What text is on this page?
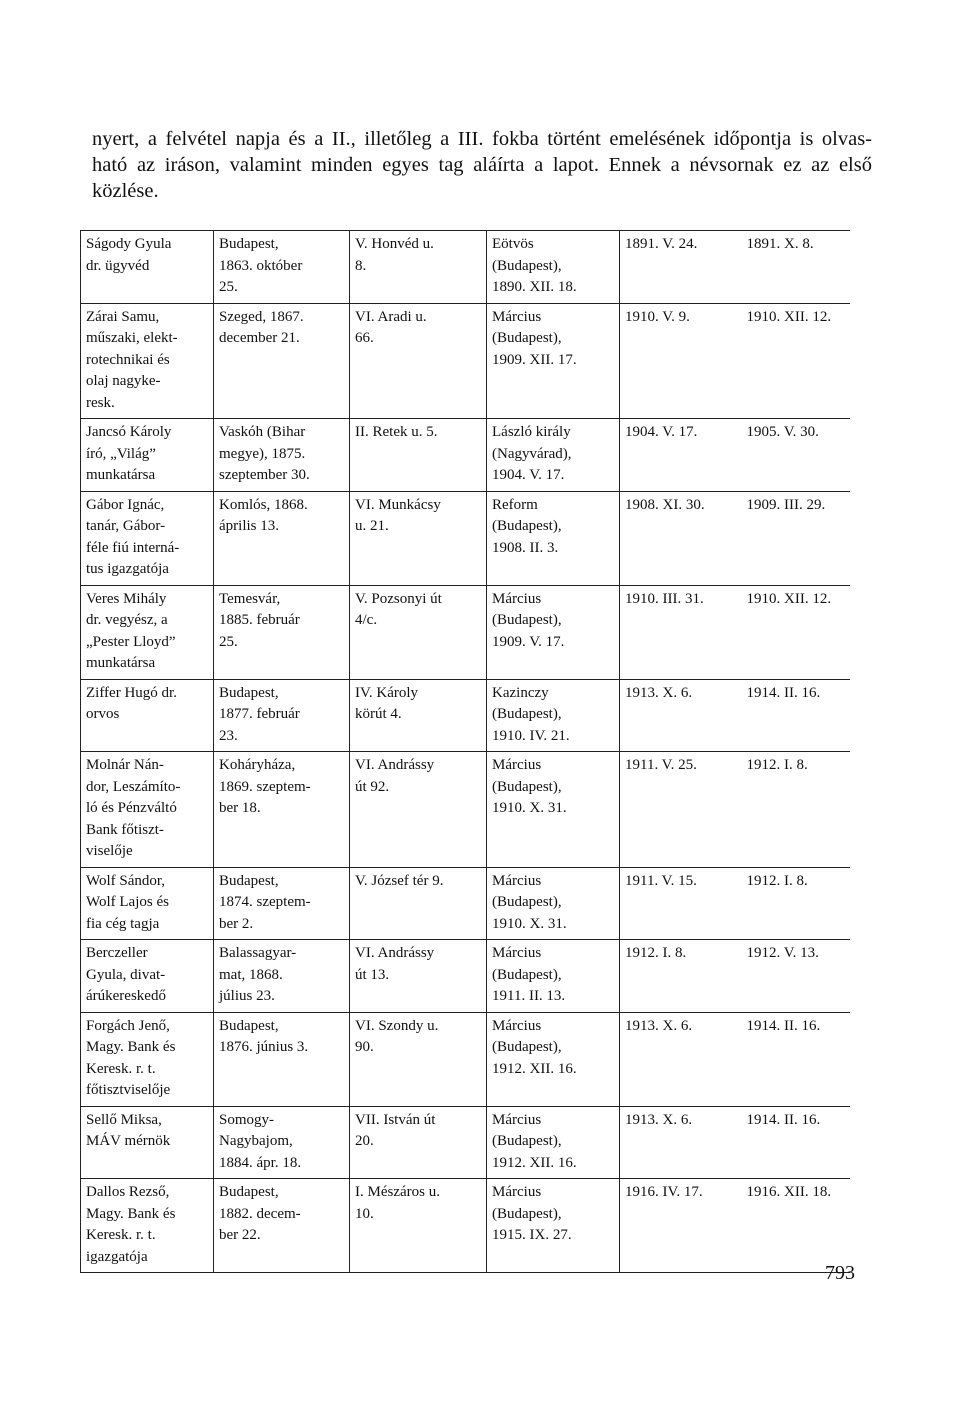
nyert, a felvétel napja és a II., illetőleg a III. fokba történt emelésének időpontja is olvas-
ható az iráson, valamint minden egyes tag aláírta a lapot. Ennek a névsornak ez az első
közlése.

Ságody Gyula
dr. ügyvéd	Budapest,
1863. október
25.	V. Honvéd u.
8.	Eötvös
(Budapest),
1890. XII. 18.	1891. V. 24.	1891. X. 8.

Zárai Samu,
műszaki, elekt-
rotechnikai és
olaj nagyke-
resk.	Szeged, 1867.
december 21.	VI. Aradi u.
66.	Március
(Budapest),
1909. XII. 17.	1910. V. 9.	1910. XII. 12.

Jancsó Károly
író, „Világ”
munkatársa	Vaskóh (Bihar
megye), 1875.
szeptember 30.	II. Retek u. 5.	László király
(Nagyvárad),
1904. V. 17.	1904. V. 17.	1905. V. 30.

Gábor Ignác,
tanár, Gábor-
féle fiú interná-
tus igazgatója	Komlós, 1868.
április 13.	VI. Munkácsy
u. 21.	Reform
(Budapest),
1908. II. 3.	1908. XI. 30.	1909. III. 29.

Veres Mihály
dr. vegyész, a
„Pester Lloyd”
munkatársa	Temesvár,
1885. február
25.	V. Pozsonyi út
4/c.	Március
(Budapest),
1909. V. 17.	1910. III. 31.	1910. XII. 12.

Ziffer Hugó dr.
orvos	Budapest,
1877. február
23.	IV. Károly
körút 4.	Kazinczy
(Budapest),
1910. IV. 21.	1913. X. 6.	1914. II. 16.

Molnár Nán-
dor, Leszámíto-
ló és Pénzváltó
Bank főtiszt-
viselője	Koháryháza,
1869. szeptem-
ber 18.	VI. Andrássy
út 92.	Március
(Budapest),
1910. X. 31.	1911. V. 25.	1912. I. 8.

Wolf Sándor,
Wolf Lajos és
fia cég tagja	Budapest,
1874. szeptem-
ber 2.	V. József tér 9.	Március
(Budapest),
1910. X. 31.	1911. V. 15.	1912. I. 8.

Berczeller
Gyula, divat-
árúkereskedő	Balassagyar-
mat, 1868.
július 23.	VI. Andrássy
út 13.	Március
(Budapest),
1911. II. 13.	1912. I. 8.	1912. V. 13.

Forgách Jenő,
Magy. Bank és
Keresk. r. t.
főtisztviselője	Budapest,
1876. június 3.	VI. Szondy u.
90.	Március
(Budapest),
1912. XII. 16.	1913. X. 6.	1914. II. 16.

Sellő Miksa,
MÁV mérnök	Somogy-
Nagybajom,
1884. ápr. 18.	VII. István út
20.	Március
(Budapest),
1912. XII. 16.	1913. X. 6.	1914. II. 16.

Dallos Rezső,
Magy. Bank és
Keresk. r. t.
igazgatója	Budapest,
1882. decem-
ber 22.	I. Mészáros u.
10.	Március
(Budapest),
1915. IX. 27.	1916. IV. 17.	1916. XII. 18.
793
